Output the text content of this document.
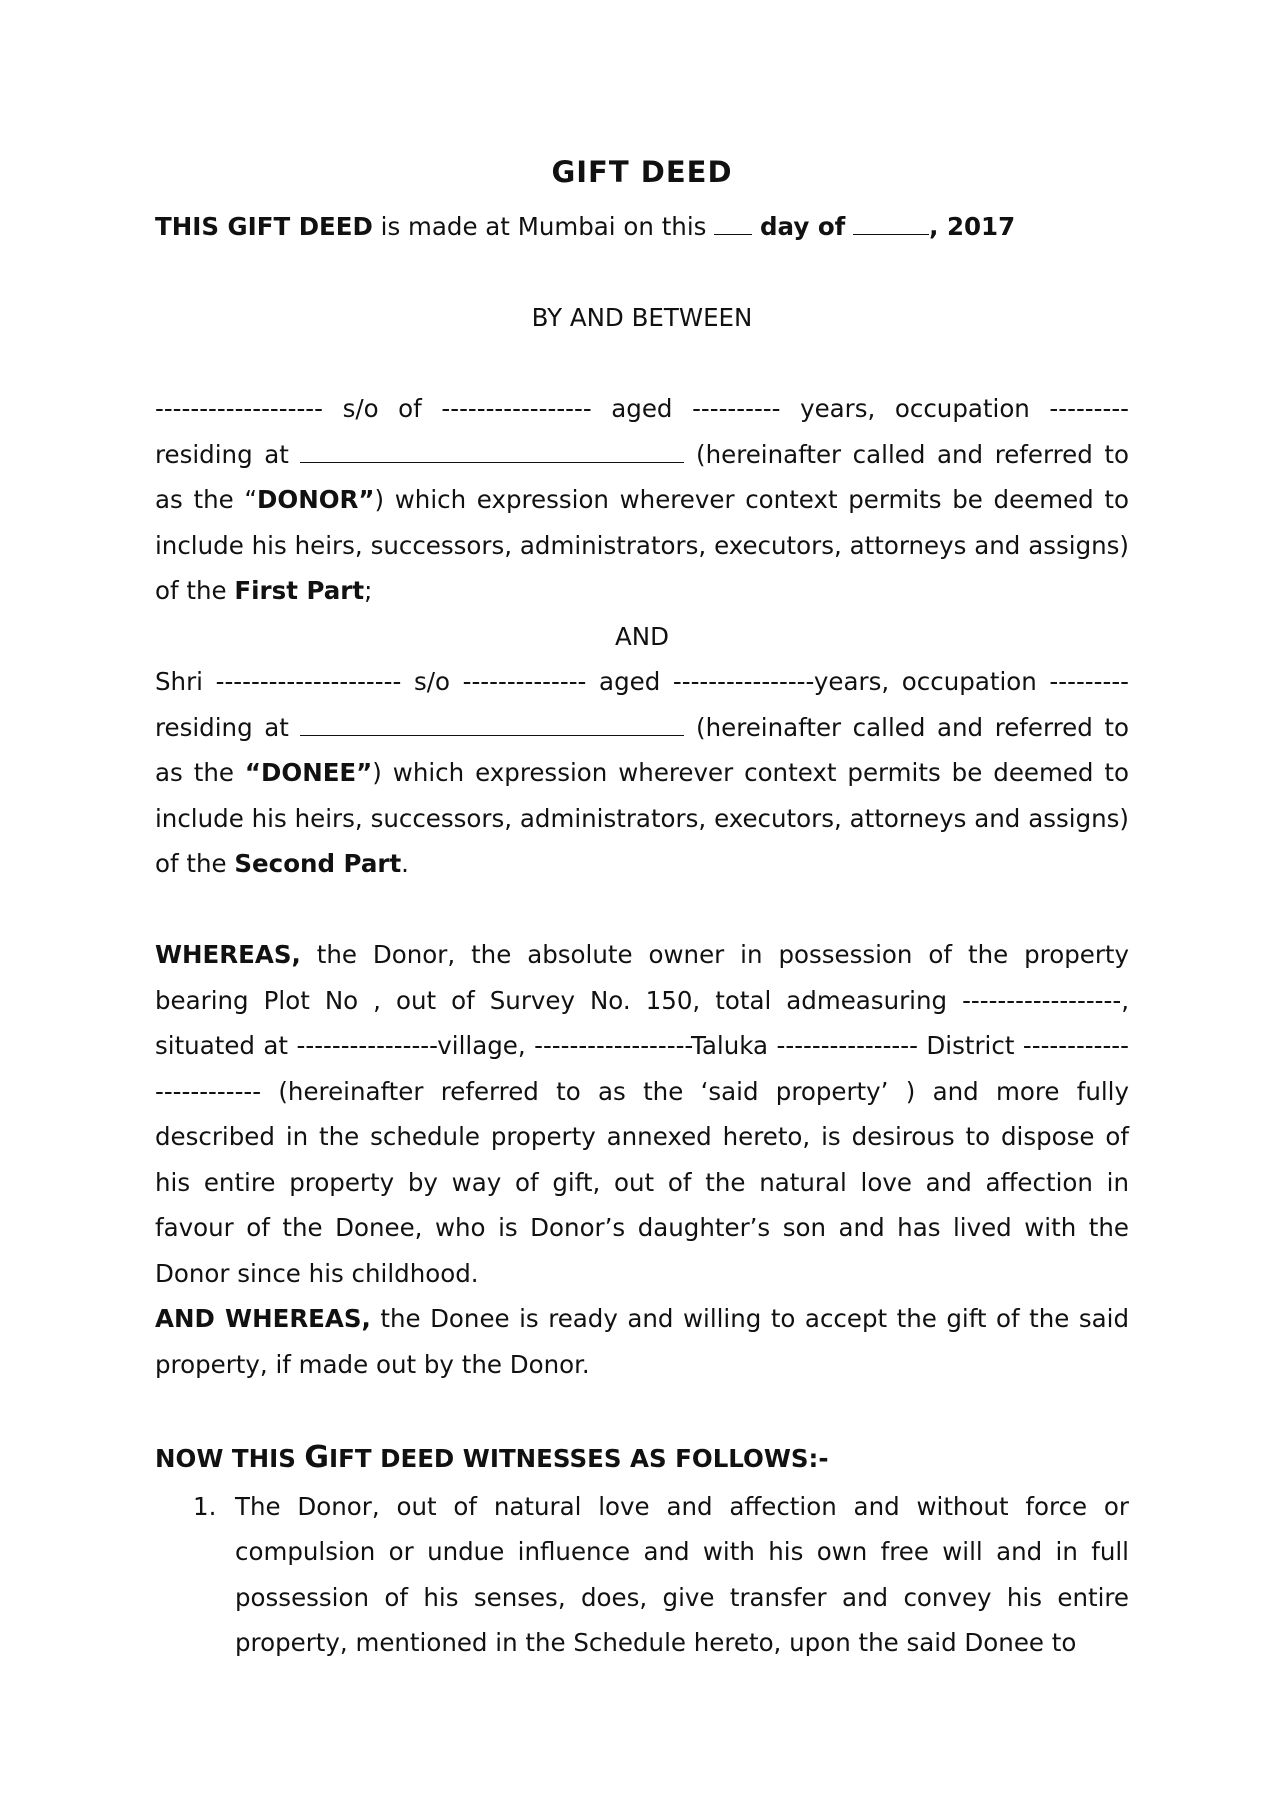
GIFT DEED

THIS GIFT DEED is made at Mumbai on this  day of	, 2017

BY AND BETWEEN

------------------- s/o of ----------------- aged ---------- years, occupation --------- residing at	(hereinafter called and referred to as the “DONOR”) which expression wherever context permits be deemed to include his heirs, successors, administrators, executors, attorneys and assigns) of the First Part;

AND

Shri --------------------- s/o -------------- aged ----------------years, occupation ---------residing at	(hereinafter called and referred to as the “DONEE”) which expression wherever context permits be deemed to include his heirs, successors, administrators, executors, attorneys and assigns) of the Second Part.

WHEREAS, the Donor, the absolute owner in possession of the property bearing Plot No , out of Survey No. 150, total admeasuring ------------------, situated at ----------------village, ------------------Taluka ---------------- District ------------------------ (hereinafter referred to as the ‘said property’ ) and more fully described in the schedule property annexed hereto, is desirous to dispose of his entire property by way of gift, out of the natural love and affection in favour of the Donee, who is Donor’s daughter’s son and has lived with the Donor since his childhood.

AND WHEREAS, the Donee is ready and willing to accept the gift of the said property, if made out by the Donor.

NOW THIS GIFT DEED WITNESSES AS FOLLOWS:-

1. The Donor, out of natural love and affection and without force or compulsion or undue influence and with his own free will and in full possession of his senses, does, give transfer and convey his entire property, mentioned in the Schedule hereto, upon the said Donee to
